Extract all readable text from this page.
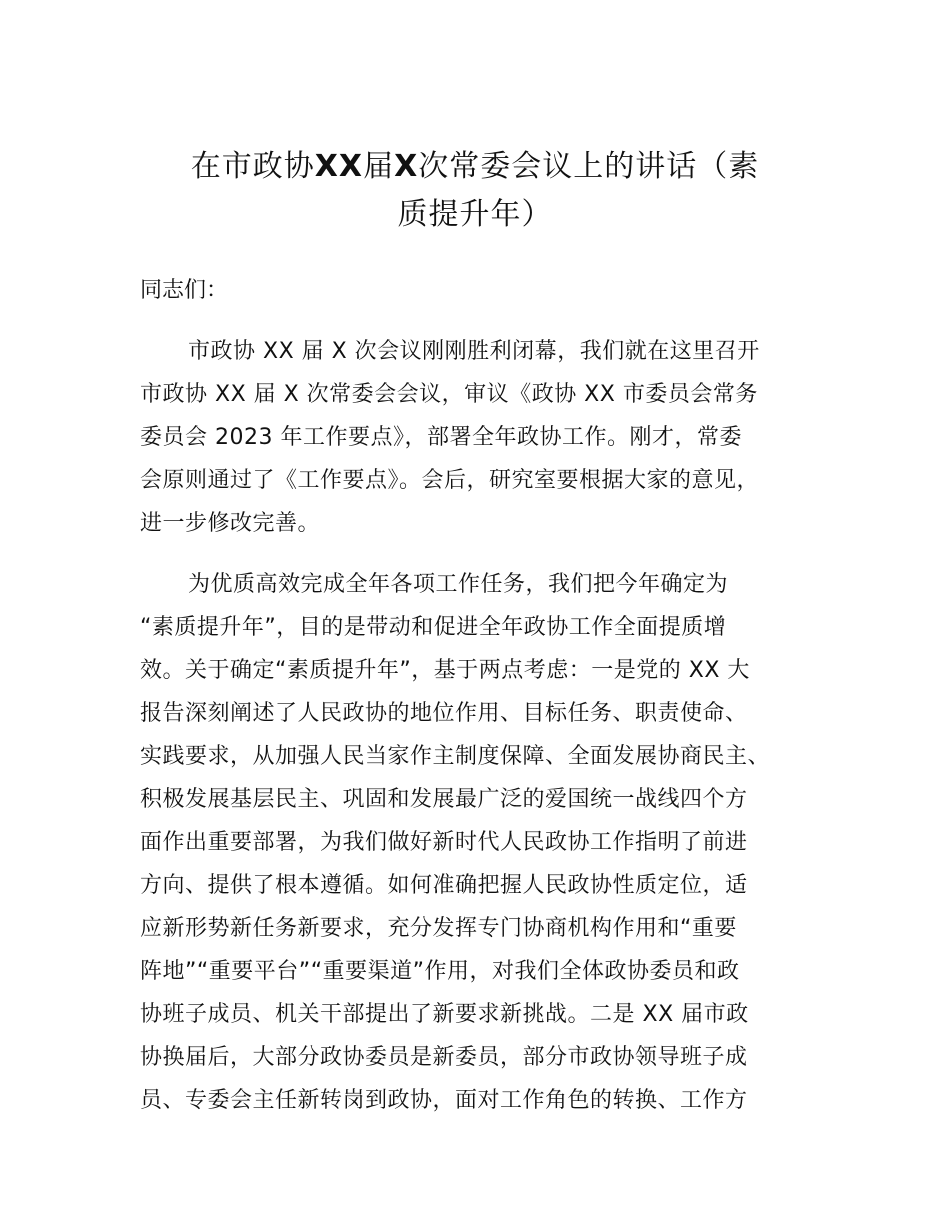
在市政协XX届X次常委会议上的讲话（素
质提升年）

同志们：

市政协 XX 届 X 次会议刚刚胜利闭幕，我们就在这里召开
市政协 XX 届 X 次常委会会议，审议《政协 XX 市委员会常务
委员会 2023 年工作要点》，部署全年政协工作。刚才，常委
会原则通过了《工作要点》。会后，研究室要根据大家的意见，
进一步修改完善。

为优质高效完成全年各项工作任务，我们把今年确定为
“素质提升年”，目的是带动和促进全年政协工作全面提质增
效。关于确定“素质提升年”，基于两点考虑：一是党的 XX 大
报告深刻阐述了人民政协的地位作用、目标任务、职责使命、
实践要求，从加强人民当家作主制度保障、全面发展协商民主、
积极发展基层民主、巩固和发展最广泛的爱国统一战线四个方
面作出重要部署，为我们做好新时代人民政协工作指明了前进
方向、提供了根本遵循。如何准确把握人民政协性质定位，适
应新形势新任务新要求，充分发挥专门协商机构作用和“重要
阵地”“重要平台”“重要渠道”作用，对我们全体政协委员和政
协班子成员、机关干部提出了新要求新挑战。二是 XX 届市政
协换届后，大部分政协委员是新委员，部分市政协领导班子成
员、专委会主任新转岗到政协，面对工作角色的转换、工作方
